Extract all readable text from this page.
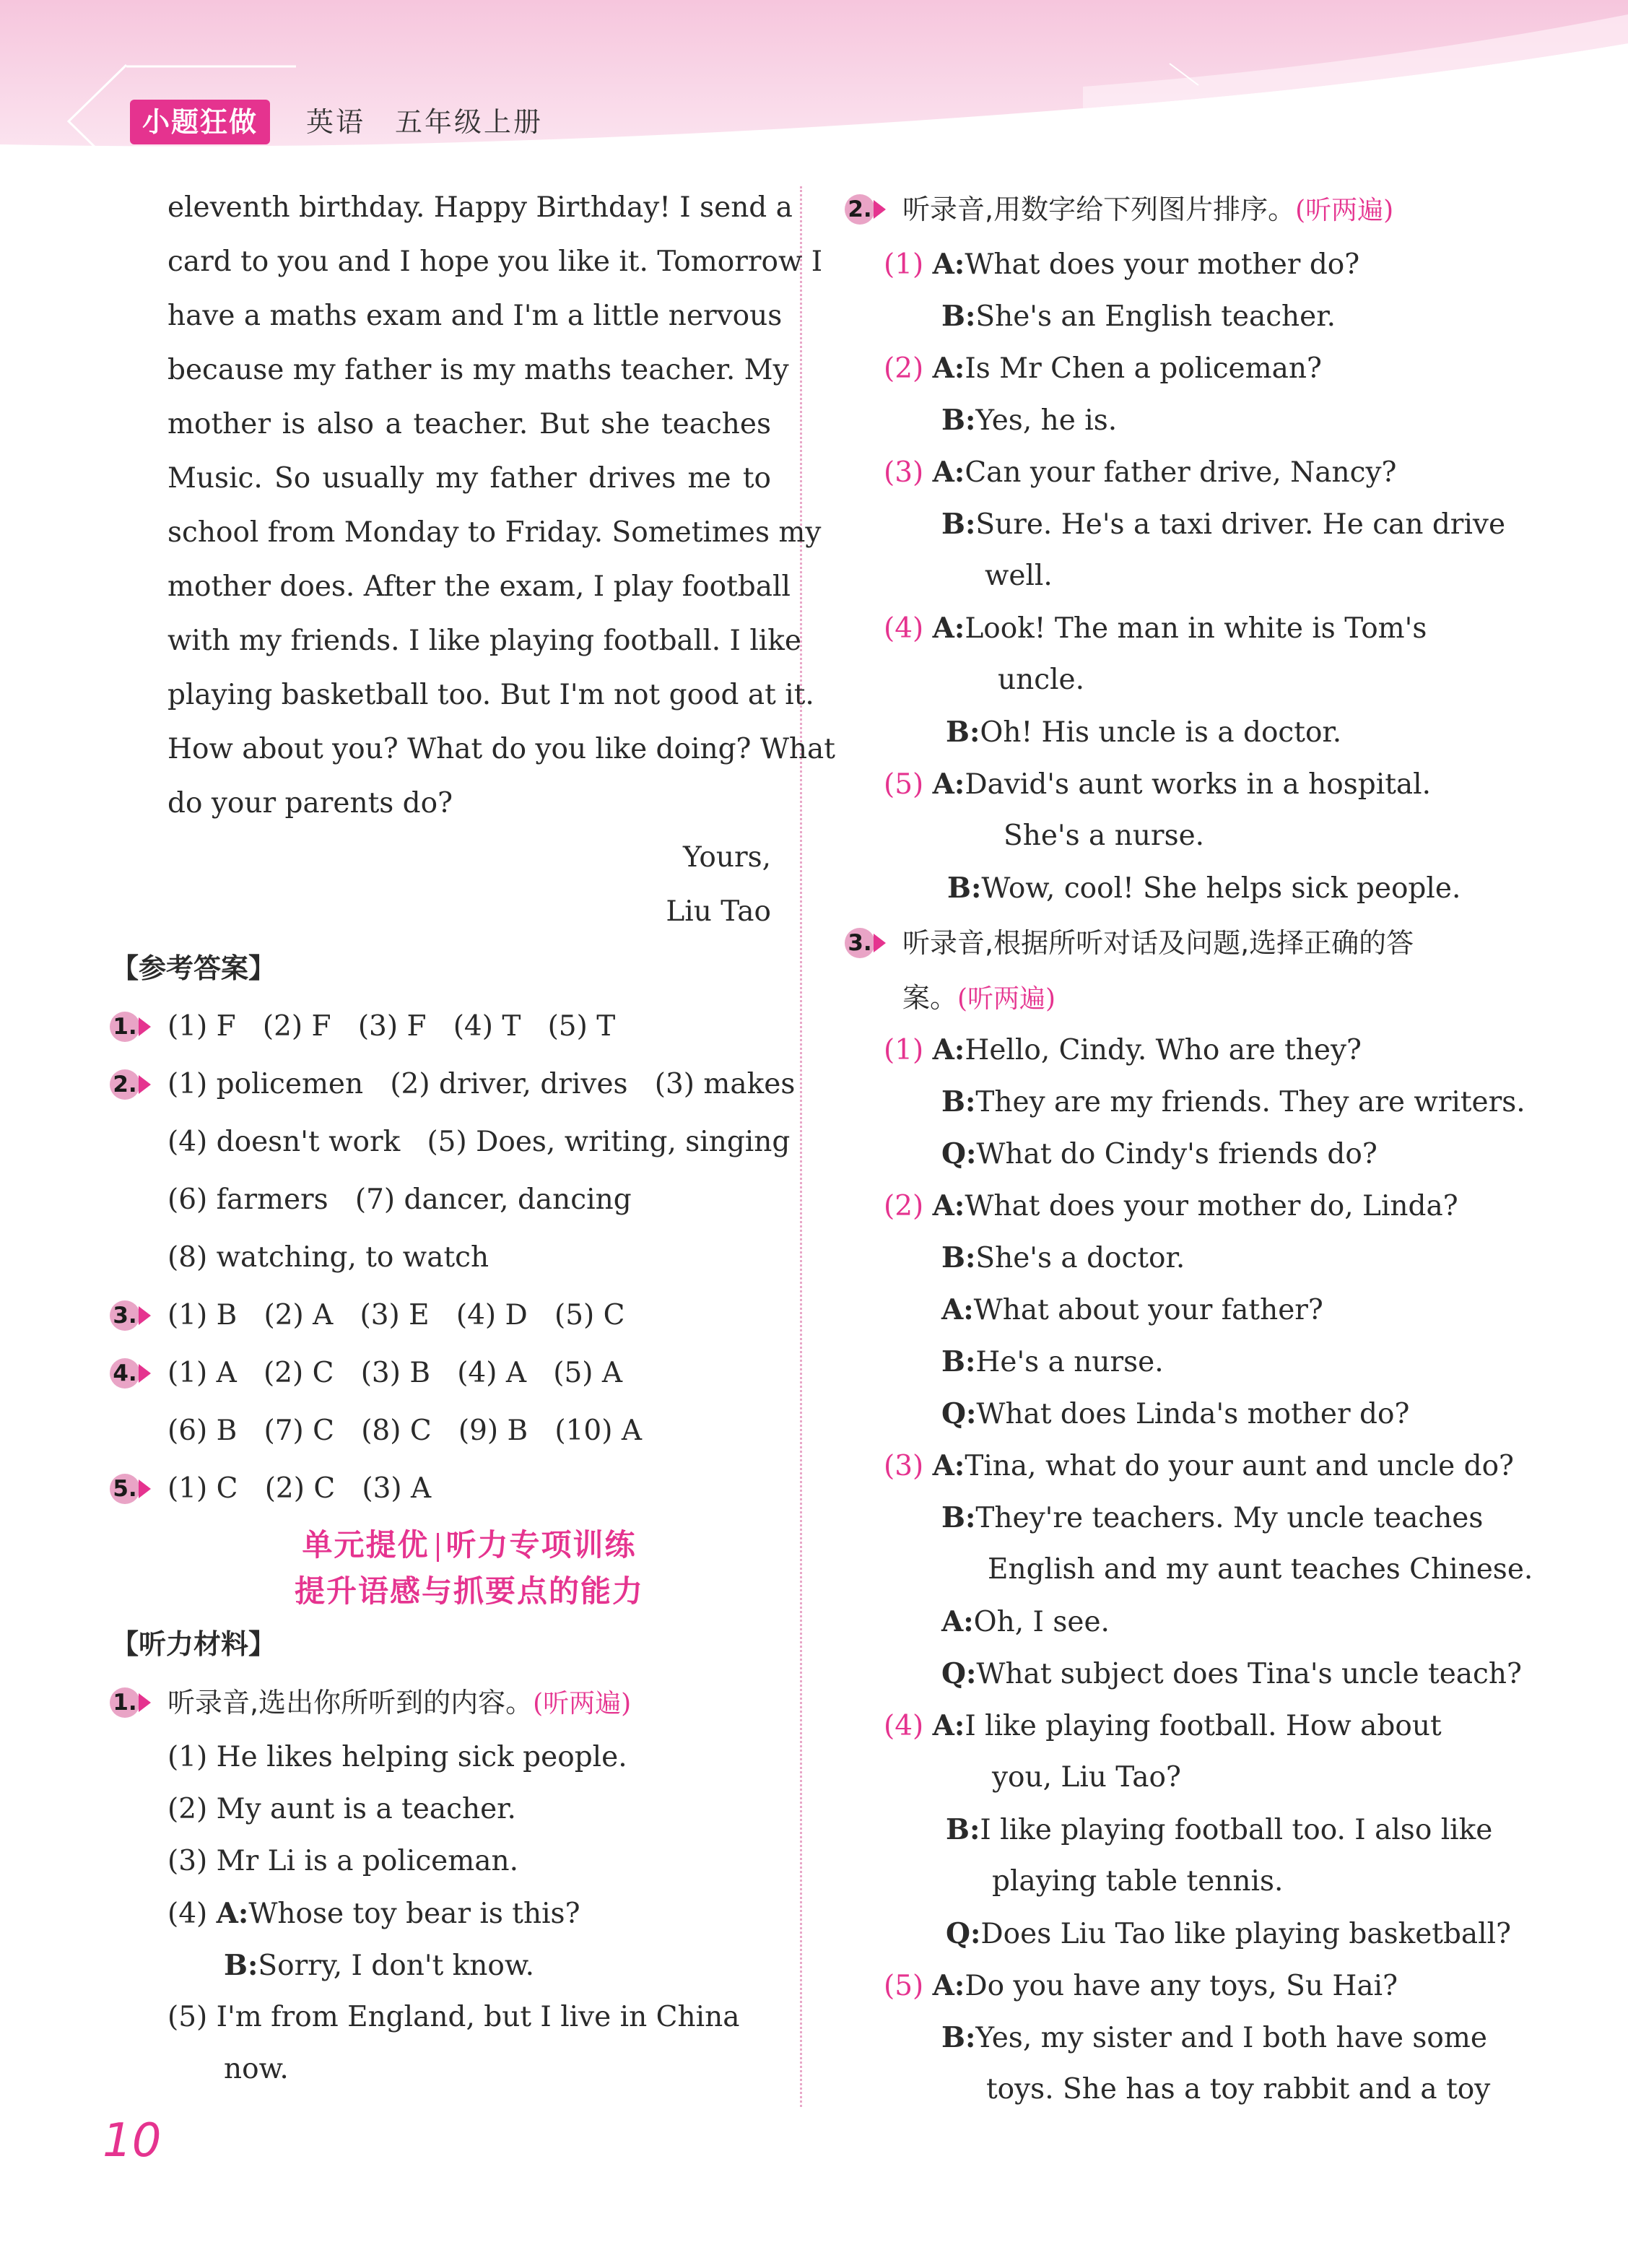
小题狂做	英语　五年级上册
eleventh birthday. Happy Birthday! I send a
card to you and I hope you like it. Tomorrow I
have a maths exam and I'm a little nervous
because my father is my maths teacher. My
mother is also a teacher. But she teaches
Music. So usually my father drives me to
school from Monday to Friday. Sometimes my
mother does. After the exam, I play football
with my friends. I like playing football. I like
playing basketball too. But I'm not good at it.
How about you? What do you like doing? What
do your parents do?
Yours,
Liu Tao
【参考答案】
1. (1) F (2) F (3) F (4) T (5) T
2. (1) policemen (2) driver, drives (3) makes
(4) doesn't work (5) Does, writing, singing
(6) farmers (7) dancer, dancing
(8) watching, to watch
3. (1) B (2) A (3) E (4) D (5) C
4. (1) A (2) C (3) B (4) A (5) A
(6) B (7) C (8) C (9) B (10) A
5. (1) C (2) C (3) A
单元提优 听力专项训练
提升语感与抓要点的能力
【听力材料】
1. 听录音,选出你所听到的内容。(听两遍)
(1) He likes helping sick people.
(2) My aunt is a teacher.
(3) Mr Li is a policeman.
(4) A:Whose toy bear is this?
B:Sorry, I don't know.
(5) I'm from England, but I live in China
now.
2. 听录音,用数字给下列图片排序。(听两遍)
(1) A:What does your mother do?
B:She's an English teacher.
(2) A:Is Mr Chen a policeman?
B:Yes, he is.
(3) A:Can your father drive, Nancy?
B:Sure. He's a taxi driver. He can drive
well.
(4) A:Look! The man in white is Tom's
uncle.
B:Oh! His uncle is a doctor.
(5) A:David's aunt works in a hospital.
She's a nurse.
B:Wow, cool! She helps sick people.
3. 听录音,根据所听对话及问题,选择正确的答
案。(听两遍)
(1) A:Hello, Cindy. Who are they?
B:They are my friends. They are writers.
Q:What do Cindy's friends do?
(2) A:What does your mother do, Linda?
B:She's a doctor.
A:What about your father?
B:He's a nurse.
Q:What does Linda's mother do?
(3) A:Tina, what do your aunt and uncle do?
B:They're teachers. My uncle teaches
English and my aunt teaches Chinese.
A:Oh, I see.
Q:What subject does Tina's uncle teach?
(4) A:I like playing football. How about
you, Liu Tao?
B:I like playing football too. I also like
playing table tennis.
Q:Does Liu Tao like playing basketball?
(5) A:Do you have any toys, Su Hai?
B:Yes, my sister and I both have some
toys. She has a toy rabbit and a toy
10
